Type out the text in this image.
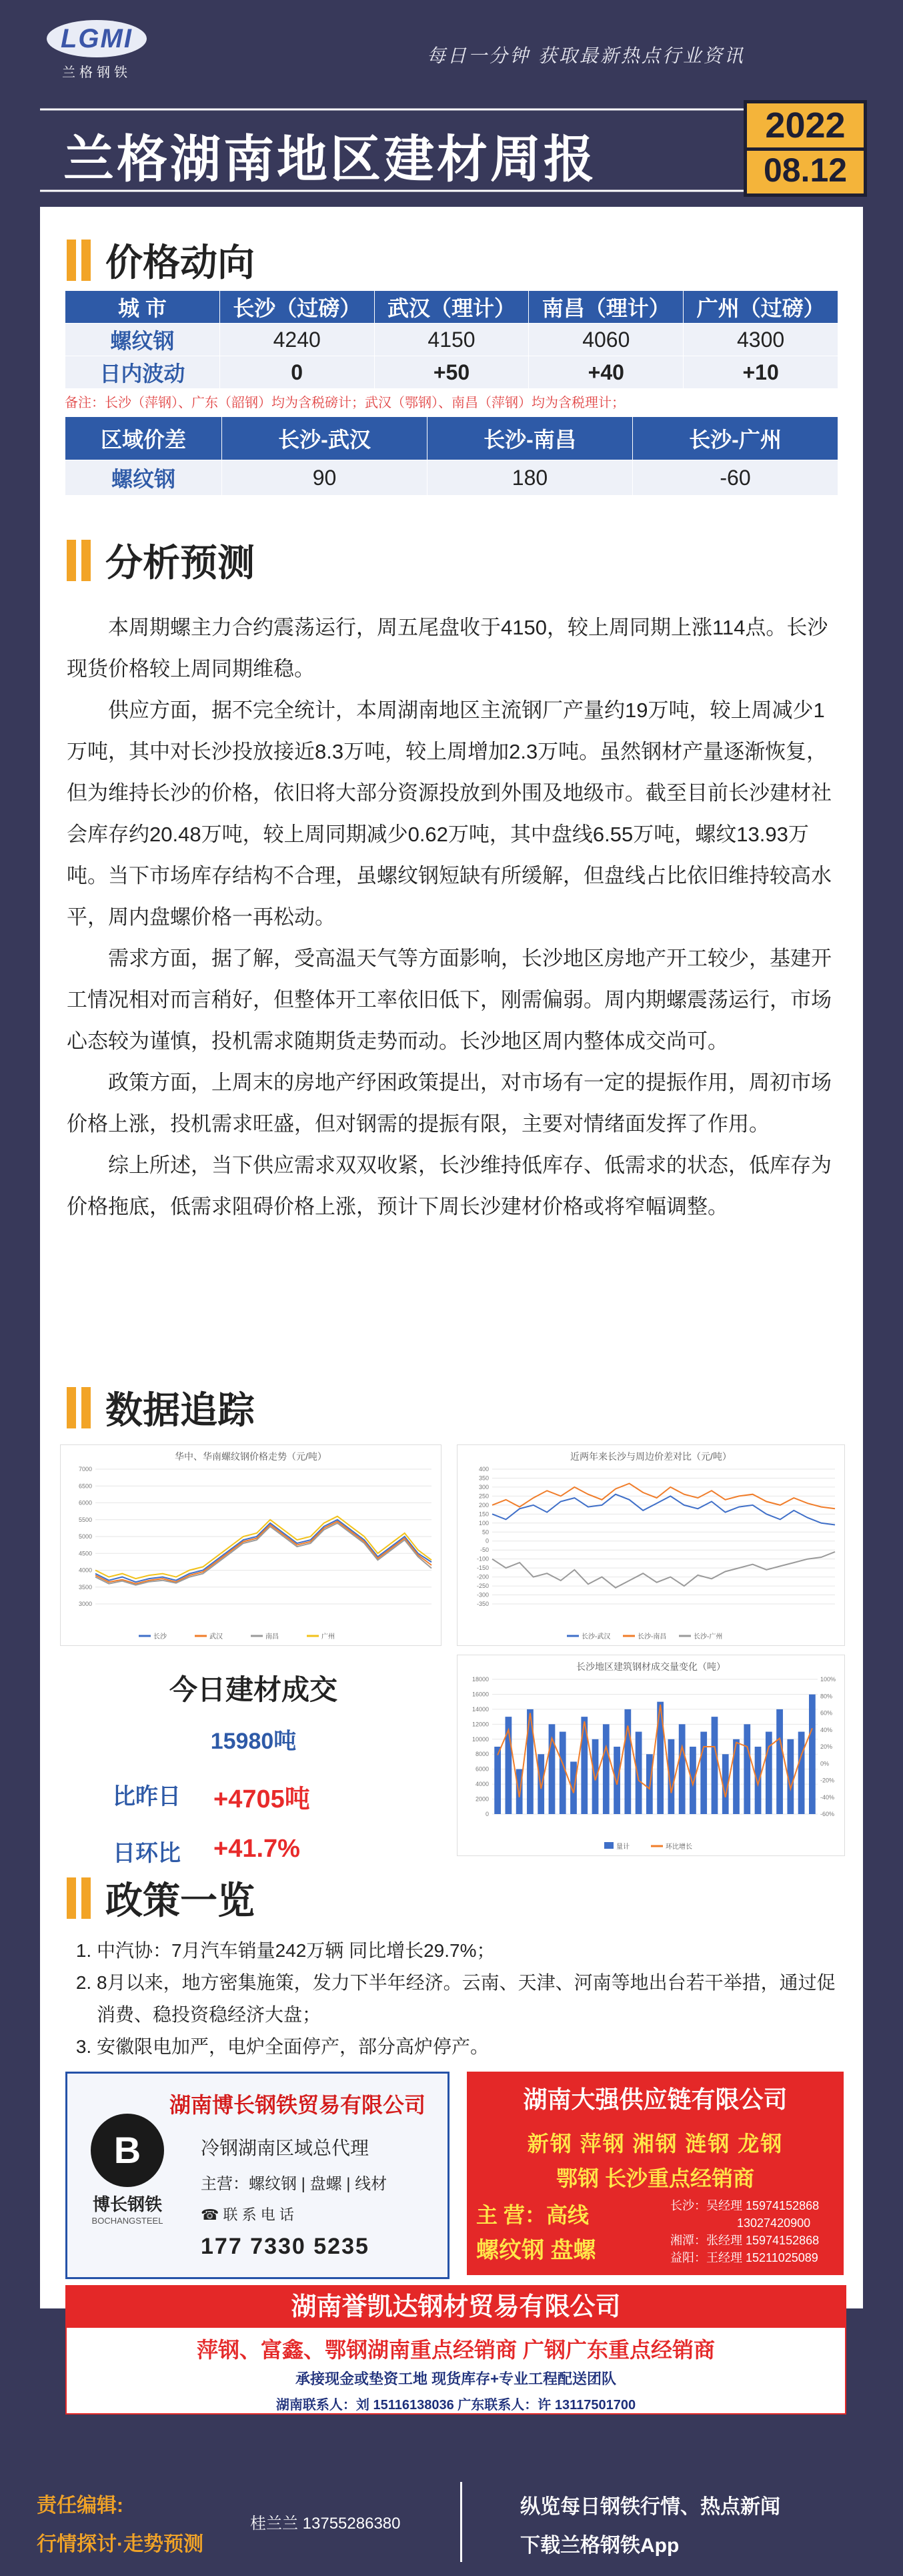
LGMI
兰格钢铁
每日一分钟 获取最新热点行业资讯
兰格湖南地区建材周报
2022
08.12
价格动向
城 市	长沙（过磅）	武汉（理计）	南昌（理计）	广州（过磅）
螺纹钢	4240	4150	4060	4300
日内波动	0	+50	+40	+10
备注：长沙（萍钢）、广东（韶钢）均为含税磅计；武汉（鄂钢）、南昌（萍钢）均为含税理计；
区域价差	长沙-武汉	长沙-南昌	长沙-广州
螺纹钢	90	180	-60
分析预测

本周期螺主力合约震荡运行，周五尾盘收于4150，较上周同期上涨114点。长沙现货价格较上周同期维稳。

供应方面，据不完全统计，本周湖南地区主流钢厂产量约19万吨，较上周减少1万吨，其中对长沙投放接近8.3万吨，较上周增加2.3万吨。虽然钢材产量逐渐恢复，但为维持长沙的价格，依旧将大部分资源投放到外围及地级市。截至目前长沙建材社会库存约20.48万吨，较上周同期减少0.62万吨，其中盘线6.55万吨，螺纹13.93万吨。当下市场库存结构不合理，虽螺纹钢短缺有所缓解，但盘线占比依旧维持较高水平，周内盘螺价格一再松动。

需求方面，据了解，受高温天气等方面影响，长沙地区房地产开工较少，基建开工情况相对而言稍好，但整体开工率依旧低下，刚需偏弱。周内期螺震荡运行，市场心态较为谨慎，投机需求随期货走势而动。长沙地区周内整体成交尚可。

政策方面，上周末的房地产纾困政策提出，对市场有一定的提振作用，周初市场价格上涨，投机需求旺盛，但对钢需的提振有限，主要对情绪面发挥了作用。

综上所述，当下供应需求双双收紧，长沙维持低库存、低需求的状态，低库存为价格拖底，低需求阻碍价格上涨，预计下周长沙建材价格或将窄幅调整。

数据追踪
华中、华南螺纹钢价格走势（元/吨）
3000
3500
4000
4500
5000
5500
6000
6500
7000
长沙	武汉	南昌	广州
近两年来长沙与周边价差对比（元/吨）
-350
-300
-250
-200
-150
-100
-50
0
50
100
150
200
250
300
350
400
长沙-武汉	长沙-南昌	长沙-广州
今日建材成交
15980吨
比昨日	+4705吨
日环比	+41.7%
长沙地区建筑钢材成交量变化（吨）
0
2000
4000
6000
8000
10000
12000
14000
16000
18000
-60%
-40%
-20%
0%
20%
40%
60%
80%
100%
量计	环比增长
政策一览
1. 中汽协：7月汽车销量242万辆 同比增长29.7%；
2. 8月以来，地方密集施策，发力下半年经济。云南、天津、河南等地出台若干举措，通过促消费、稳投资稳经济大盘；
3. 安徽限电加严，电炉全面停产，部分高炉停产。
湖南博长钢铁贸易有限公司
B
博长钢铁
BOCHANGSTEEL
冷钢湖南区域总代理
主营：螺纹钢 | 盘螺 | 线材
☎ 联 系 电 话
177 7330 5235
湖南大强供应链有限公司
新钢 萍钢 湘钢 涟钢 龙钢
鄂钢 长沙重点经销商
主 营：高线
螺纹钢 盘螺
长沙：吴经理 15974152868
13027420900
湘潭：张经理 15974152868
益阳：王经理 15211025089
湖南誉凯达钢材贸易有限公司
萍钢、富鑫、鄂钢湖南重点经销商 广钢广东重点经销商
承接现金或垫资工地 现货库存+专业工程配送团队
湖南联系人：刘 15116138036 广东联系人：许 13117501700
责任编辑:
行情探讨·走势预测
桂兰兰 13755286380
纵览每日钢铁行情、热点新闻
下载兰格钢铁App
